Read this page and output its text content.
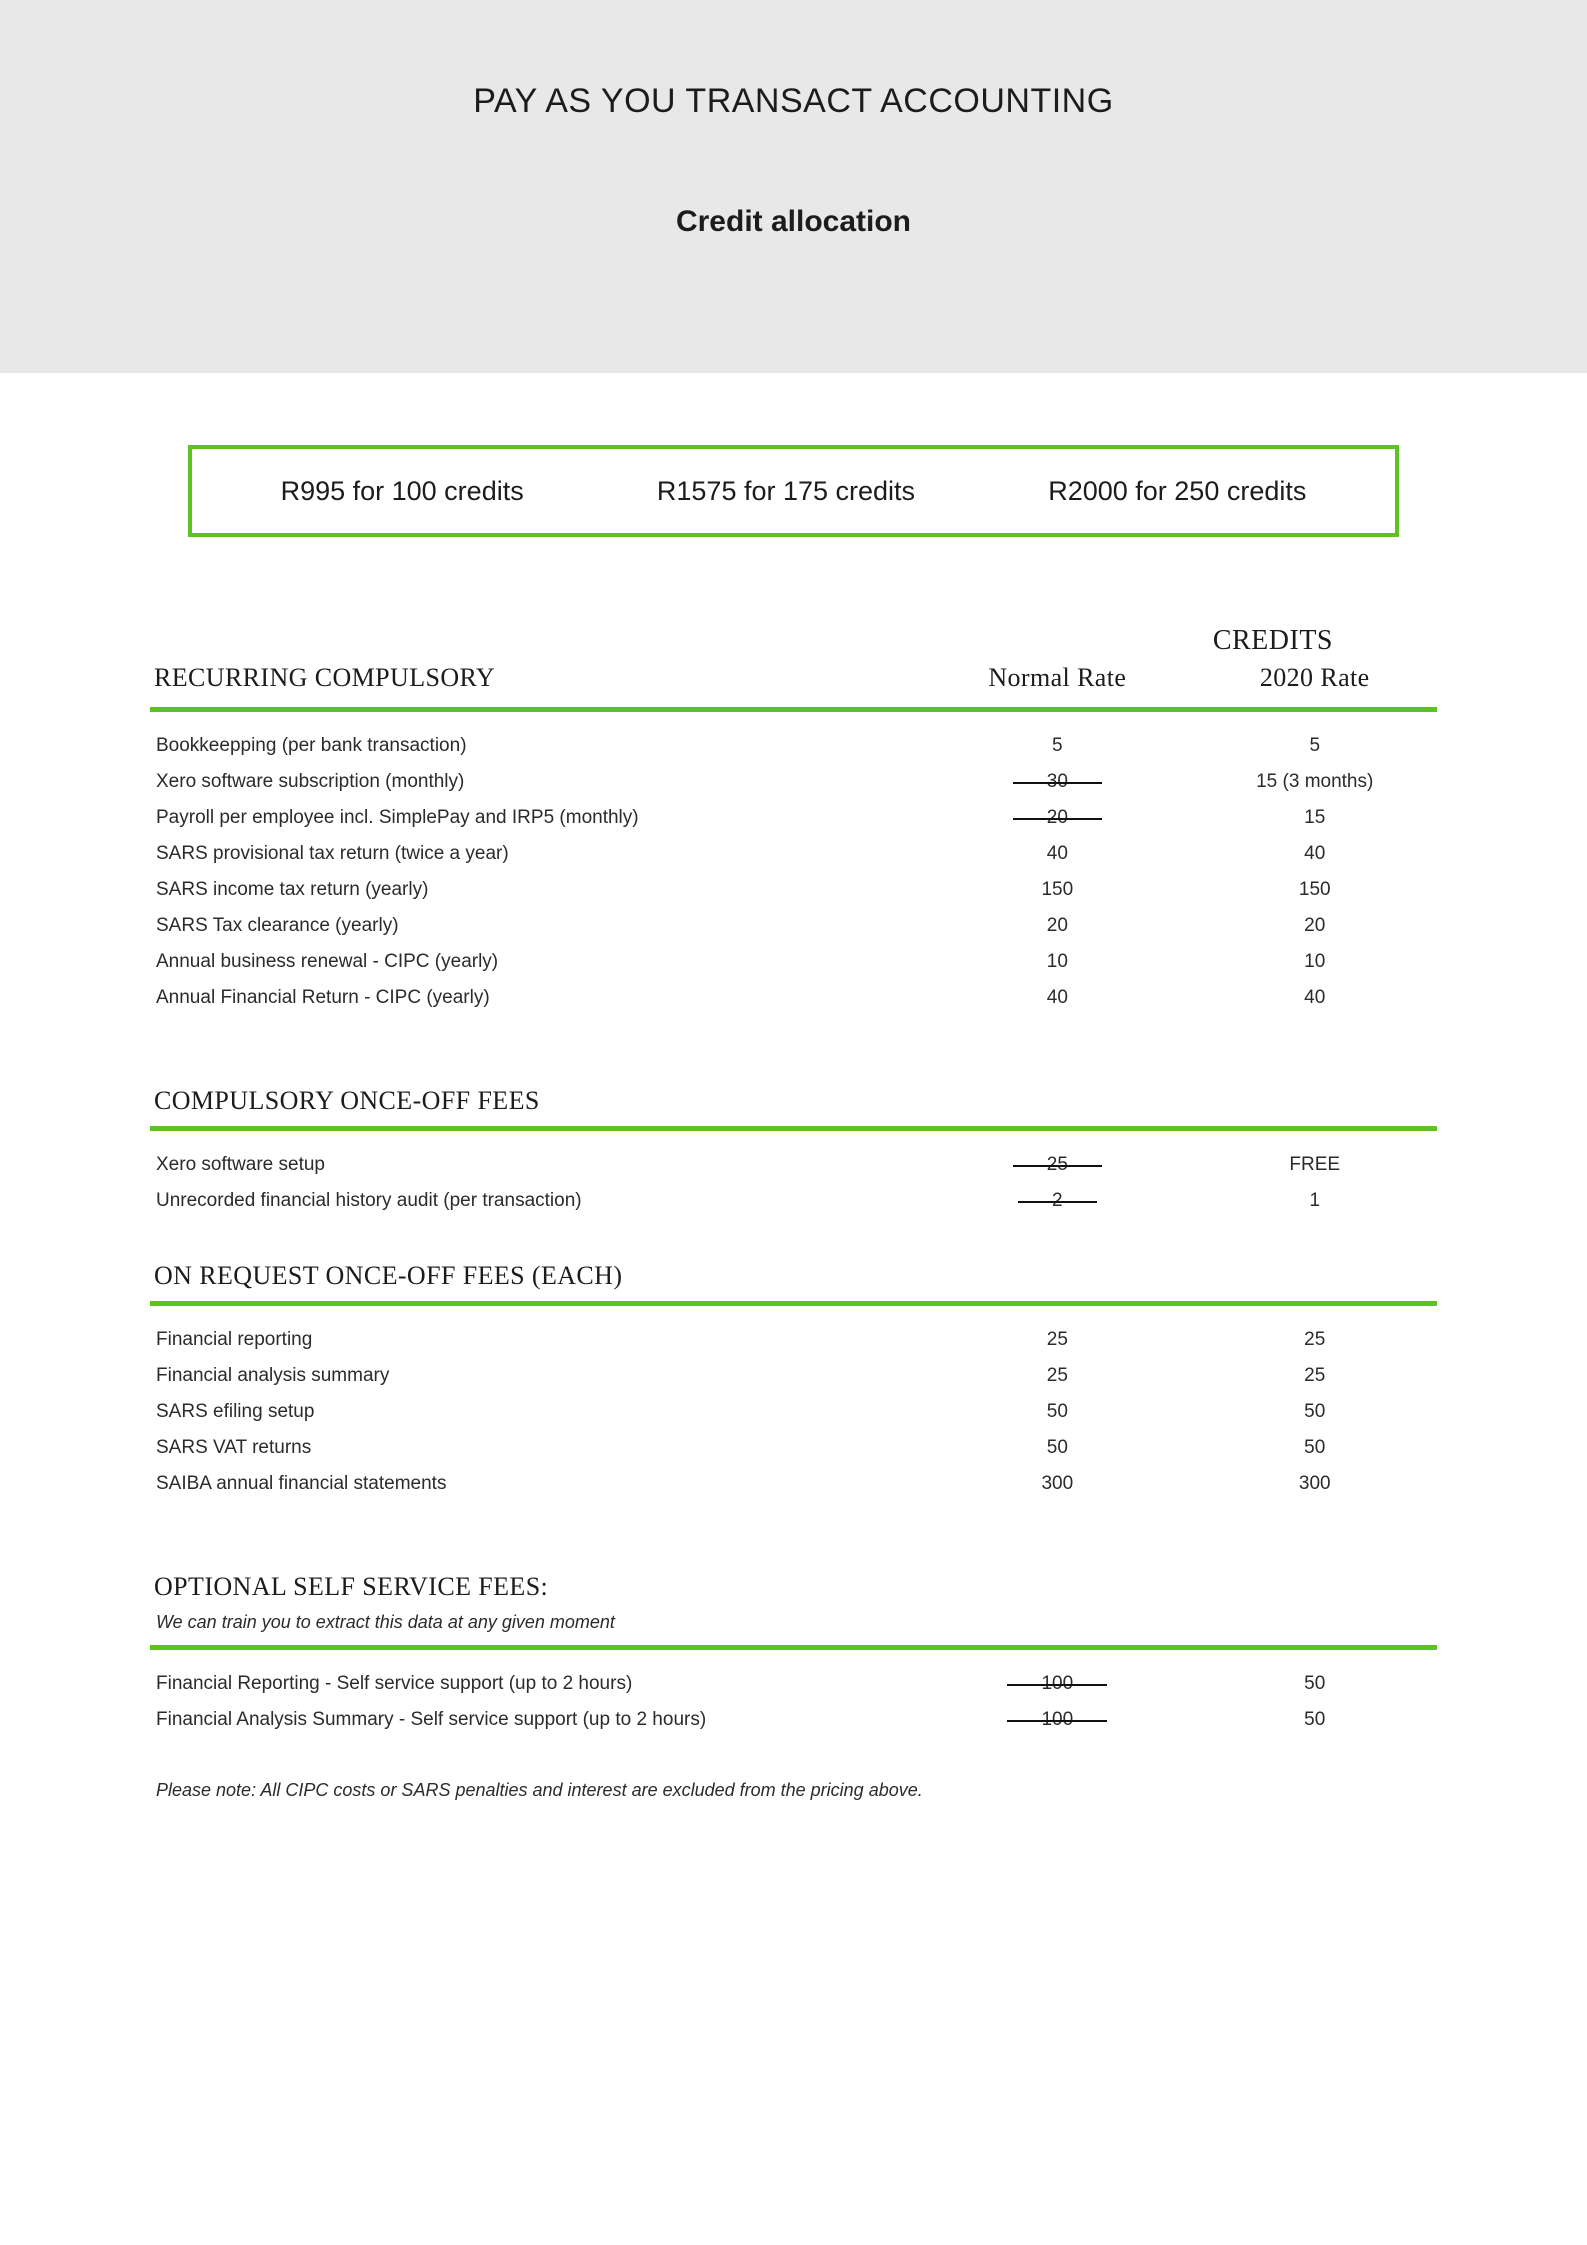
PAY AS YOU TRANSACT ACCOUNTING
Credit allocation
R995 for 100 credits	R1575 for 175 credits	R2000 for 250 credits
CREDITS
RECURRING COMPULSORY	Normal Rate	2020 Rate

Bookkeepping (per bank transaction)	5	5
Xero software subscription (monthly)	30	15 (3 months)
Payroll per employee incl. SimplePay and IRP5 (monthly)	20	15
SARS provisional tax return (twice a year)	40	40
SARS income tax return (yearly)	150	150
SARS Tax clearance (yearly)	20	20
Annual business renewal - CIPC (yearly)	10	10
Annual Financial Return - CIPC (yearly)	40	40

COMPULSORY ONCE-OFF FEES		

Xero software setup	25	FREE
Unrecorded financial history audit (per transaction)	2	1

ON REQUEST ONCE-OFF FEES (EACH)		

Financial reporting	25	25
Financial analysis summary	25	25
SARS efiling setup	50	50
SARS VAT returns	50	50
SAIBA annual financial statements	300	300

OPTIONAL SELF SERVICE FEES:		
We can train you to extract this data at any given moment		

Financial Reporting - Self service support (up to 2 hours)	100	50
Financial Analysis Summary - Self service support (up to 2 hours)	100	50
Please note: All CIPC costs or SARS penalties and interest are excluded from the pricing above.		
